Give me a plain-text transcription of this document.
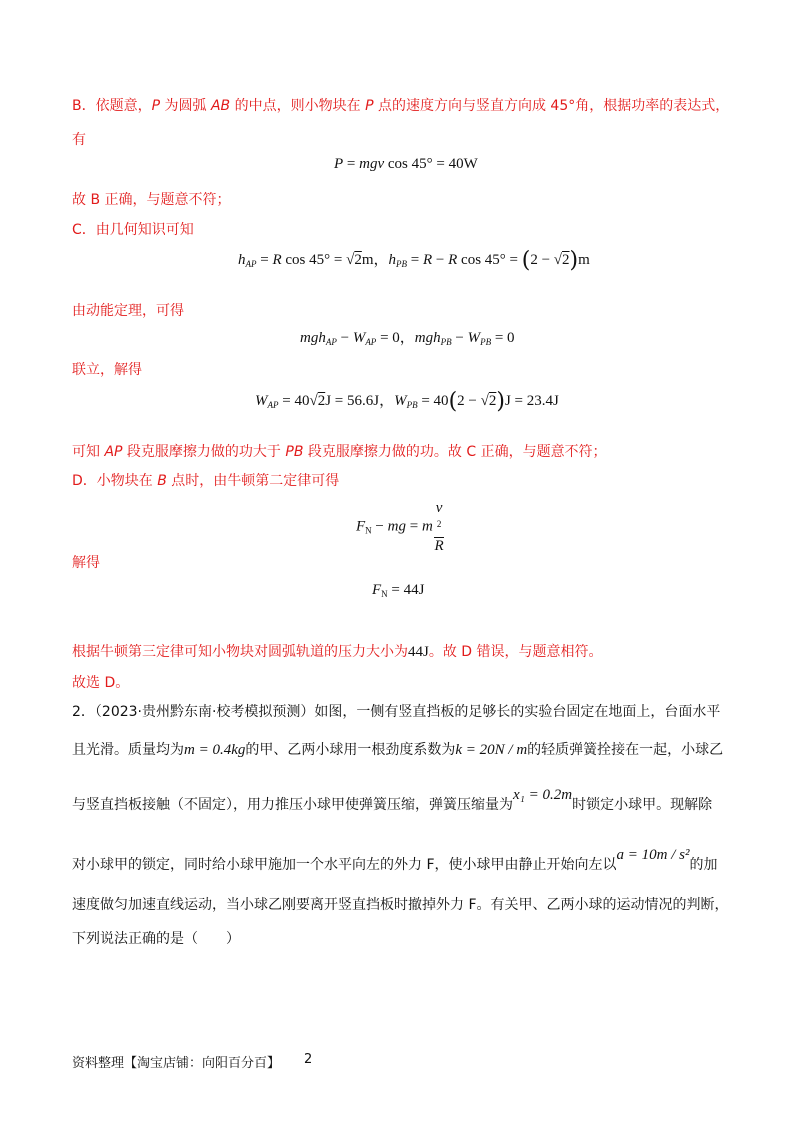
B．依题意，P 为圆弧 AB 的中点，则小物块在 P 点的速度方向与竖直方向成 45°角，根据功率的表达式，
有
P = mgv cos 45° = 40W
故 B 正确，与题意不符；
C．由几何知识可知
$h_{AP} = R$ cos 45° = √2m，$h_{PB} = R - R$ cos 45° = (2 − √2)m
由动能定理，可得
$mgh_{AP} - W_{AP} = 0$，$mgh_{PB} - W_{PB} = 0$
联立，解得
$W_{AP} = 40√2J = 56.6J$，$W_{PB} = 40(2 - √2)J = 23.4J$
可知 AP 段克服摩擦力做的功大于 PB 段克服摩擦力做的功。故 C 正确，与题意不符；
D．小物块在 B 点时，由牛顿第二定律可得
$F_N$ − mg = m v
$^2$
R
解得
$F_N = 44J$
根据牛顿第三定律可知小物块对圆弧轨道的压力大小为44J。故 D 错误，与题意相符。
故选 D。
2．（2023·贵州黔东南·校考模拟预测）如图，一侧有竖直挡板的足够长的实验台固定在地面上，台面水平
且光滑。质量均为m = 0.4kg的甲、乙两小球用一根劲度系数为k = 20N / m的轻质弹簧拴接在一起，小球乙
与竖直挡板接触（不固定），用力推压小球甲使弹簧压缩，弹簧压缩量为x₁ = 0.2m时锁定小球甲。现解除
对小球甲的锁定，同时给小球甲施加一个水平向左的外力 F，使小球甲由静止开始向左以a = 10m / s²的加
速度做匀加速直线运动，当小球乙刚要离开竖直挡板时撤掉外力 F。有关甲、乙两小球的运动情况的判断，
下列说法正确的是（　　）
资料整理【淘宝店铺：向阳百分百】 2
